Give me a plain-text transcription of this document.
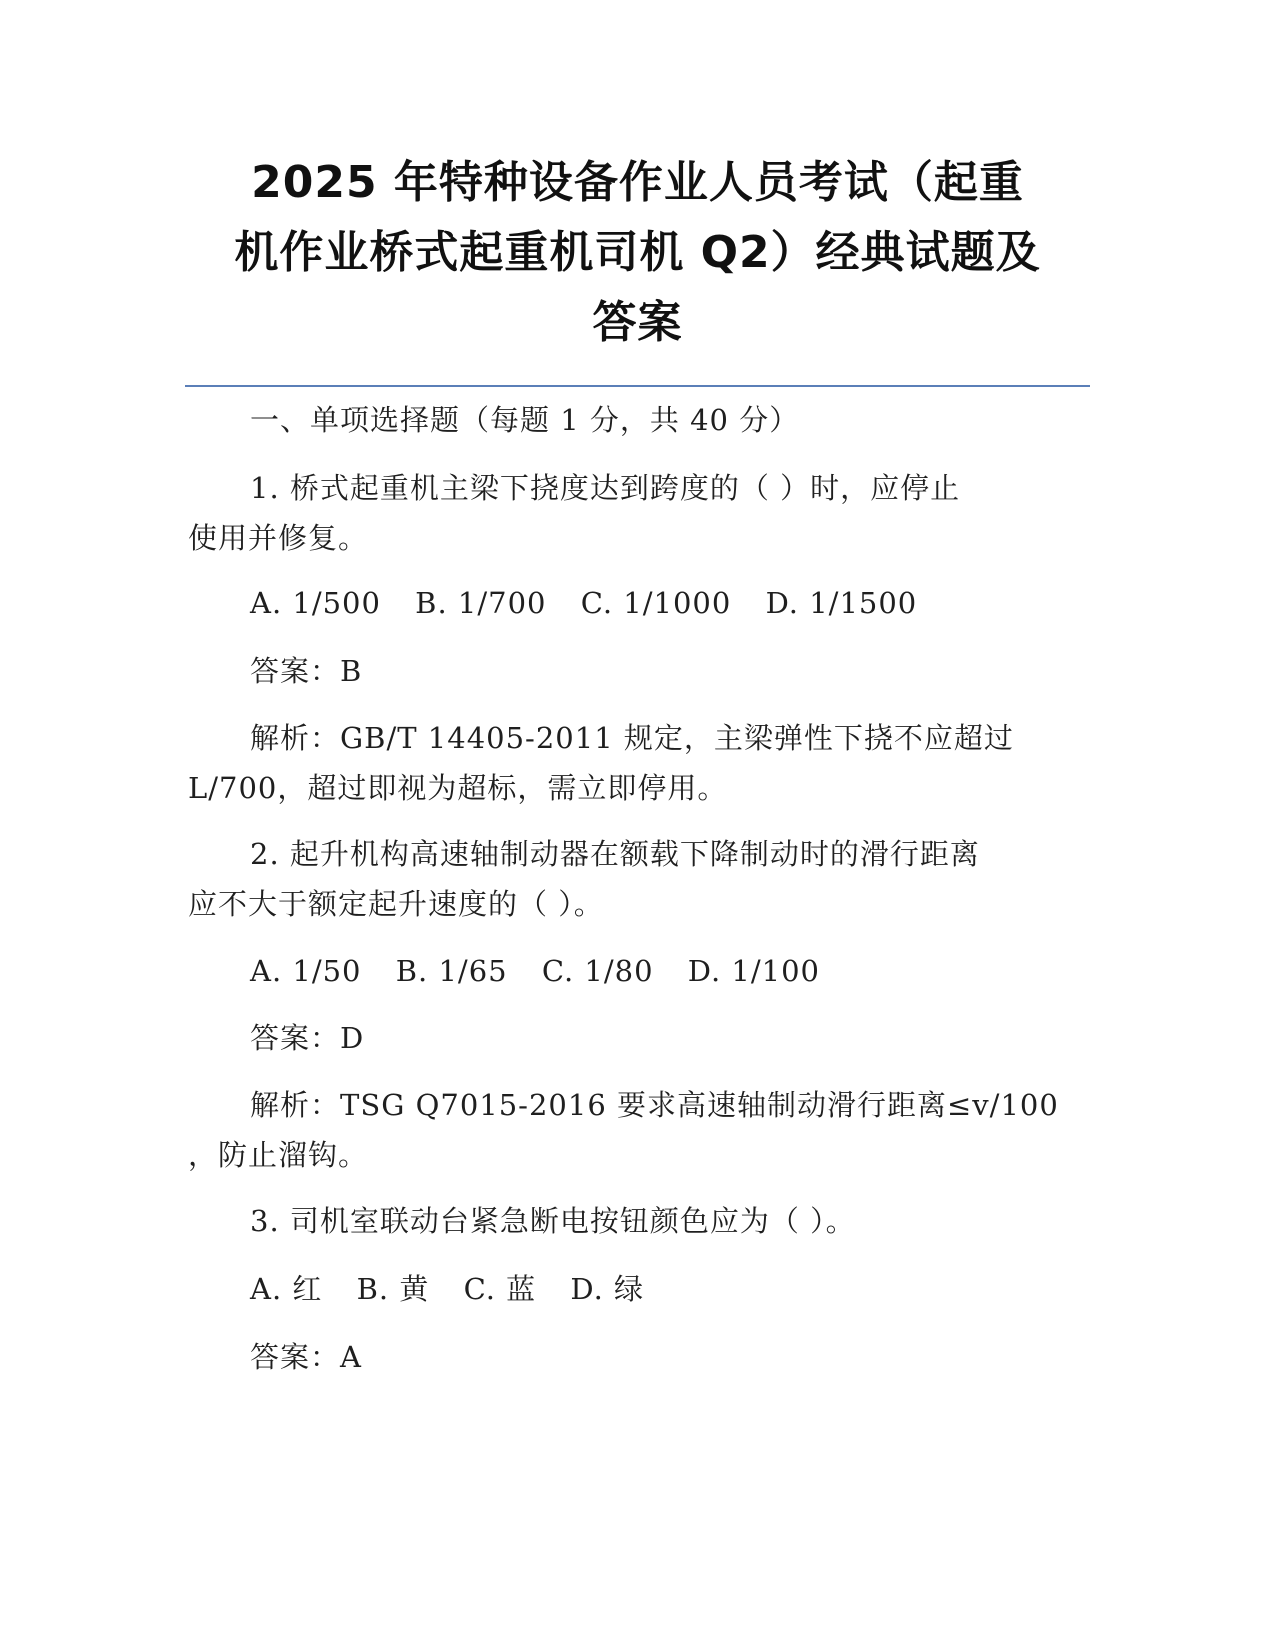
2025 年特种设备作业人员考试（起重
机作业桥式起重机司机 Q2）经典试题及
答案
一、单项选择题（每题 1 分，共 40 分）
1. 桥式起重机主梁下挠度达到跨度的（ ）时，应停止
使用并修复。
A. 1/500 B. 1/700 C. 1/1000 D. 1/1500
答案：B
解析：GB/T 14405-2011 规定，主梁弹性下挠不应超过
L/700，超过即视为超标，需立即停用。
2. 起升机构高速轴制动器在额载下降制动时的滑行距离
应不大于额定起升速度的（ ）。
A. 1/50 B. 1/65 C. 1/80 D. 1/100
答案：D
解析：TSG Q7015-2016 要求高速轴制动滑行距离≤v/100
，防止溜钩。
3. 司机室联动台紧急断电按钮颜色应为（ ）。
A. 红 B. 黄 C. 蓝 D. 绿
答案：A
